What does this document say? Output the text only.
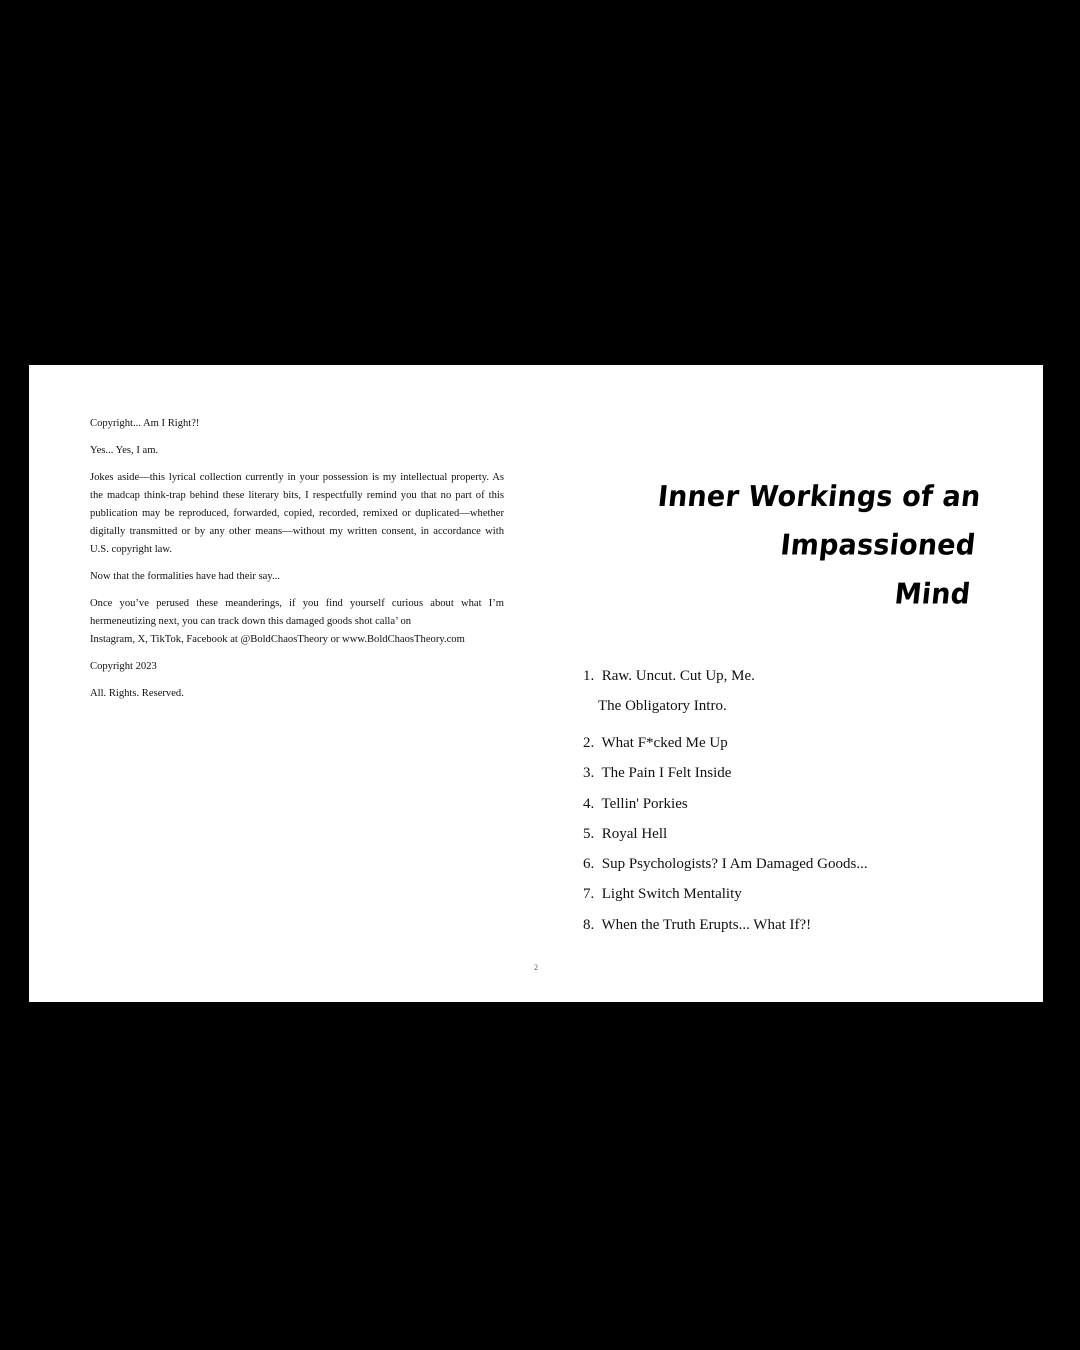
Copyright... Am I Right?!

Yes... Yes, I am.

Jokes aside—this lyrical collection currently in your possession is my intellectual property. As the madcap think-trap behind these literary bits, I respectfully remind you that no part of this publication may be reproduced, forwarded, copied, recorded, remixed or duplicated—whether digitally transmitted or by any other means—without my written consent, in accordance with U.S. copyright law.

Now that the formalities have had their say...

Once you’ve perused these meanderings, if you find yourself curious about what I’m hermeneutizing next, you can track down this damaged goods shot calla’ on

Instagram, X, TikTok, Facebook at @BoldChaosTheory or www.BoldChaosTheory.com

Copyright 2023

All. Rights. Reserved.

Inner Workings of an Impassioned
Mind
1. Raw. Uncut. Cut Up, Me.
The Obligatory Intro.
2. What F*cked Me Up
3. The Pain I Felt Inside
4. Tellin' Porkies
5. Royal Hell
6. Sup Psychologists? I Am Damaged Goods...
7. Light Switch Mentality
8. When the Truth Erupts... What If?!
2
